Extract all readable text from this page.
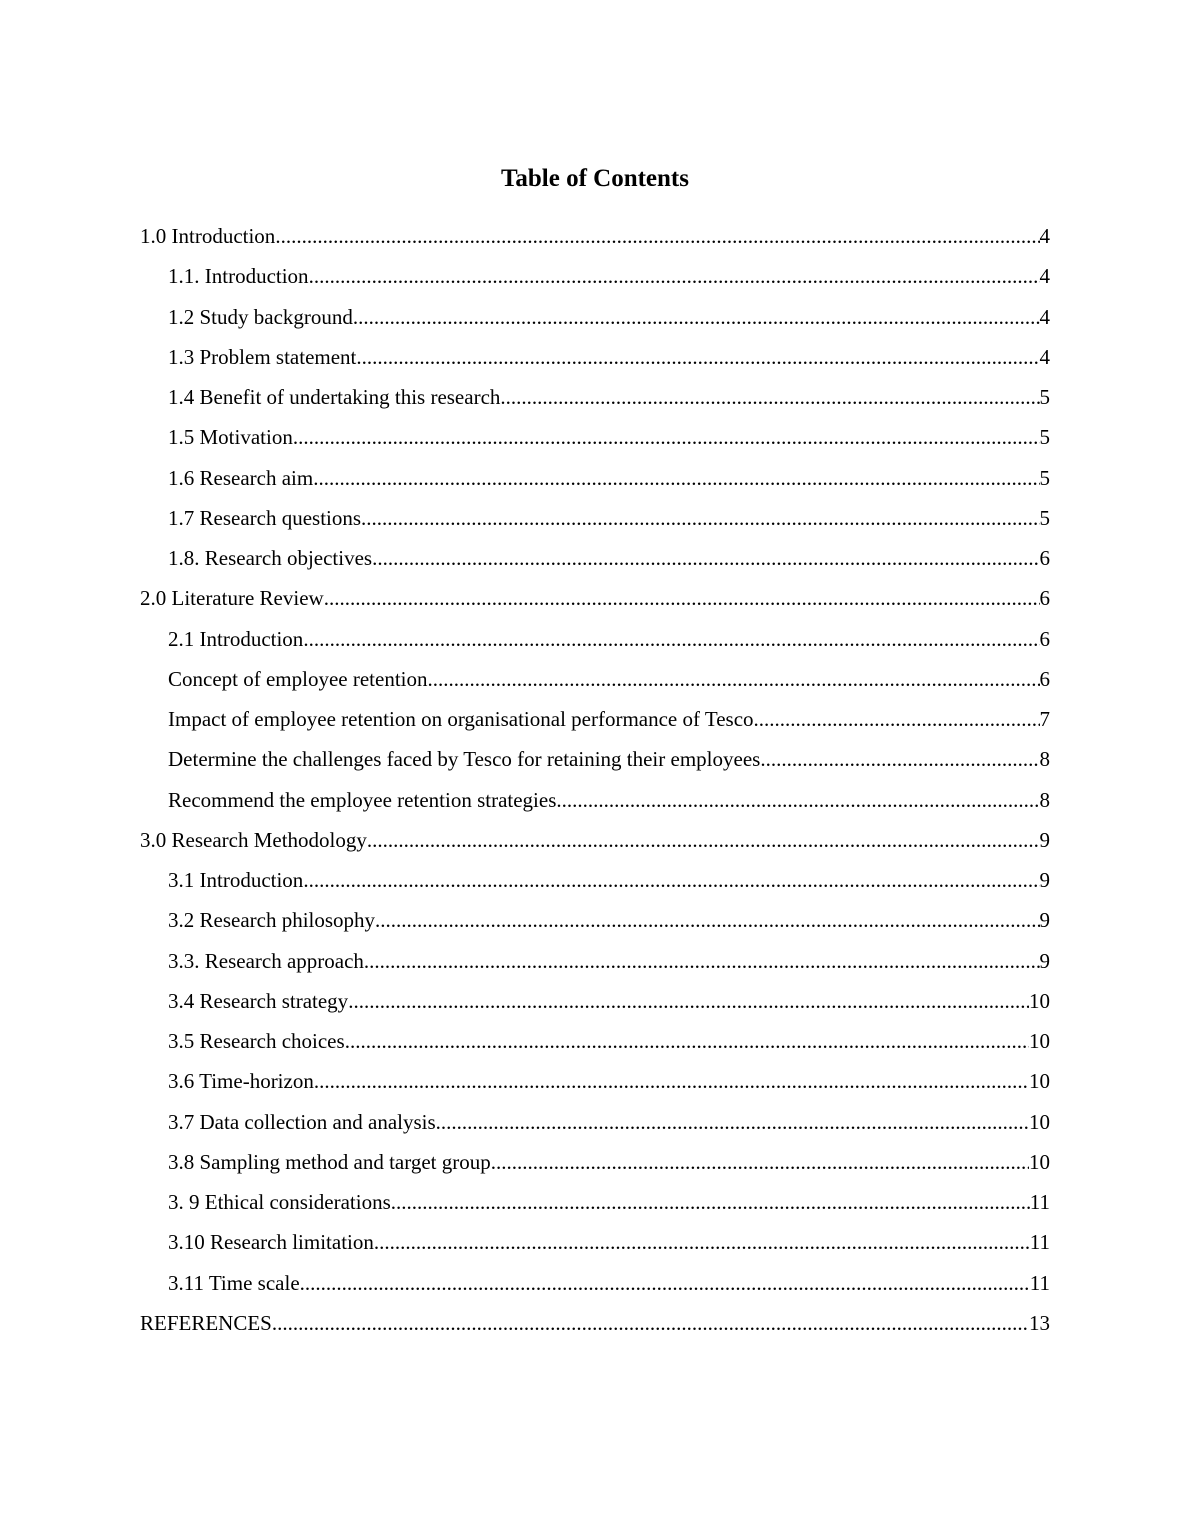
Table of Contents
1.0 Introduction .....	4
1.1. Introduction .....	4
1.2 Study background .....	4
1.3 Problem statement .....	4
1.4 Benefit of undertaking this research .....	5
1.5 Motivation .....	5
1.6 Research aim .....	5
1.7 Research questions .....	5
1.8. Research objectives .....	6
2.0 Literature Review .....	6
2.1 Introduction .....	6
Concept of employee retention .....	6
Impact of employee retention on organisational performance of Tesco .....	7
Determine the challenges faced by Tesco for retaining their employees .....	8
Recommend the employee retention strategies .....	8
3.0 Research Methodology .....	9
3.1 Introduction .....	9
3.2 Research philosophy .....	9
3.3. Research approach .....	9
3.4 Research strategy .....	10
3.5 Research choices .....	10
3.6 Time-horizon .....	10
3.7 Data collection and analysis .....	10
3.8 Sampling method and target group .....	10
3. 9 Ethical considerations .....	11
3.10 Research limitation .....	11
3.11 Time scale .....	11
REFERENCES .....	13
